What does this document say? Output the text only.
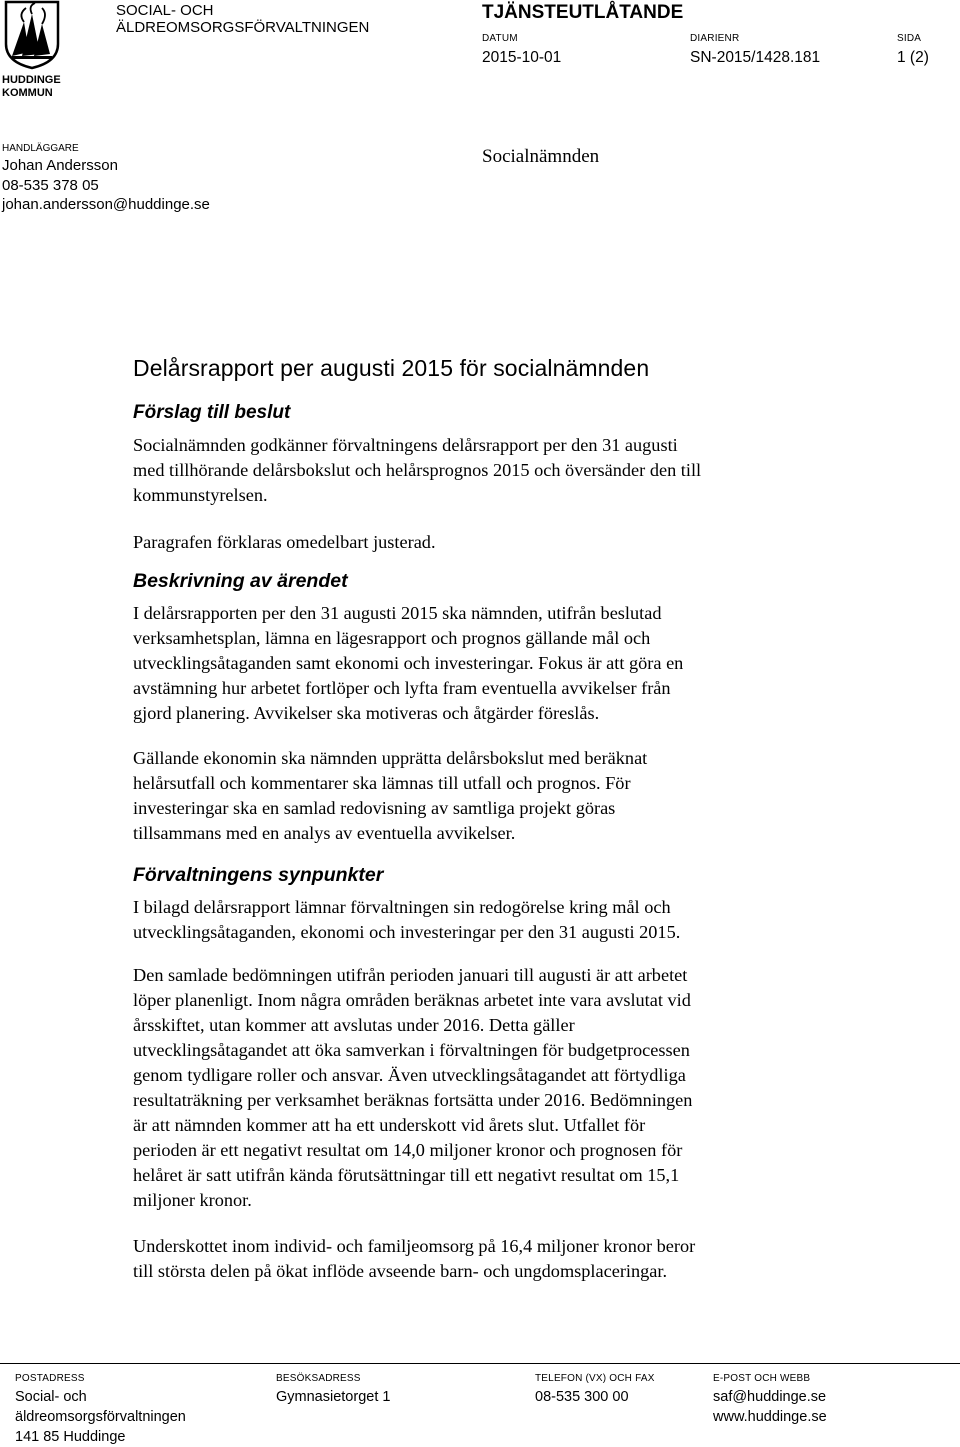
HUDDINGE
KOMMUN
SOCIAL- OCH ÄLDREOMSORGSFÖRVALTNINGEN
TJÄNSTEUTLÅTANDE
DATUM
2015-10-01
DIARIENR
SN-2015/1428.181
SIDA
1 (2)
HANDLÄGGARE
Johan Andersson
08-535 378 05
johan.andersson@huddinge.se
Socialnämnden
Delårsrapport per augusti 2015 för socialnämnden
Förslag till beslut
Socialnämnden godkänner förvaltningens delårsrapport per den 31 augusti
med tillhörande delårsbokslut och helårsprognos 2015 och översänder den till
kommunstyrelsen.
Paragrafen förklaras omedelbart justerad.
Beskrivning av ärendet
I delårsrapporten per den 31 augusti 2015 ska nämnden, utifrån beslutad
verksamhetsplan, lämna en lägesrapport och prognos gällande mål och
utvecklingsåtaganden samt ekonomi och investeringar. Fokus är att göra en
avstämning hur arbetet fortlöper och lyfta fram eventuella avvikelser från
gjord planering. Avvikelser ska motiveras och åtgärder föreslås.
Gällande ekonomin ska nämnden upprätta delårsbokslut med beräknat
helårsutfall och kommentarer ska lämnas till utfall och prognos. För
investeringar ska en samlad redovisning av samtliga projekt göras
tillsammans med en analys av eventuella avvikelser.
Förvaltningens synpunkter
I bilagd delårsrapport lämnar förvaltningen sin redogörelse kring mål och
utvecklingsåtaganden, ekonomi och investeringar per den 31 augusti 2015.
Den samlade bedömningen utifrån perioden januari till augusti är att arbetet
löper planenligt. Inom några områden beräknas arbetet inte vara avslutat vid
årsskiftet, utan kommer att avslutas under 2016. Detta gäller
utvecklingsåtagandet att öka samverkan i förvaltningen för budgetprocessen
genom tydligare roller och ansvar. Även utvecklingsåtagandet att förtydliga
resultaträkning per verksamhet beräknas fortsätta under 2016. Bedömningen
är att nämnden kommer att ha ett underskott vid årets slut. Utfallet för
perioden är ett negativt resultat om 14,0 miljoner kronor och prognosen för
helåret är satt utifrån kända förutsättningar till ett negativt resultat om 15,1
miljoner kronor.
Underskottet inom individ- och familjeomsorg på 16,4 miljoner kronor beror
till största delen på ökat inflöde avseende barn- och ungdomsplaceringar.
POSTADRESS
Social- och
äldreomsorgsförvaltningen
141 85 Huddinge
BESÖKSADRESS
Gymnasietorget 1
TELEFON (VX) OCH FAX
08-535 300 00
E-POST OCH WEBB
saf@huddinge.se
www.huddinge.se
